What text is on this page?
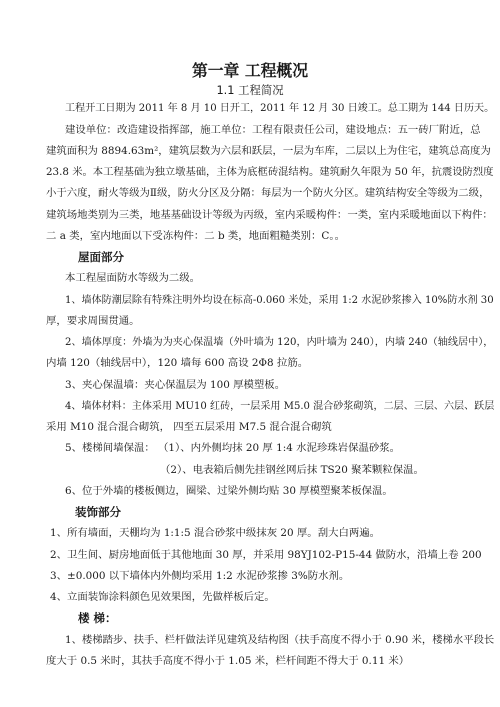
第一章 工程概况
1.1 工程简况
工程开工日期为 2011 年 8 月 10 日开工，2011 年 12 月 30 日竣工。总工期为 144 日历天。
建设单位：改造建设指挥部，施工单位：工程有限责任公司，建设地点：五一砖厂附近，总
建筑面积为 8894.63m²，建筑层数为六层和跃层，一层为车库，二层以上为住宅，建筑总高度为
23.8 米。本工程基础为独立墩基础，主体为底框砖混结构。建筑耐久年限为 50 年，抗震设防烈度
小于六度，耐火等级为Ⅱ级，防火分区及分隔：每层为一个防火分区。建筑结构安全等级为二级，
建筑场地类别为三类，地基基础设计等级为丙级，室内采暖构件：一类，室内采暖地面以下构件：
二 a 类，室内地面以下受冻构件：二 b 类，地面粗糙类别：C。。
屋面部分
本工程屋面防水等级为二级。
1、墙体防潮层除有特殊注明外均设在标高-0.060 米处，采用 1:2 水泥砂浆掺入 10%防水剂 30
厚，要求周围贯通。
2、墙体厚度：外墙为为夹心保温墙（外叶墙为 120，内叶墙为 240），内墙 240（轴线居中），
内墙 120（轴线居中），120 墙每 600 高设 2Φ8 拉筋。
3、夹心保温墙：夹心保温层为 100 厚模塑板。
4、墙体材料：主体采用 MU10 红砖，一层采用 M5.0 混合砂浆砌筑，二层、三层、六层、跃层
采用 M10 混合混合砌筑， 四至五层采用 M7.5 混合混合砌筑
5、楼梯间墙保温： （1）、内外侧均抹 20 厚 1:4 水泥珍珠岩保温砂浆。
（2）、电表箱后侧先挂钢丝网后抹 TS20 聚苯颗粒保温。
6、位于外墙的楼板侧边，圈梁、过梁外侧均贴 30 厚模塑聚苯板保温。
装饰部分
1、所有墙面，天棚均为 1:1:5 混合砂浆中级抹灰 20 厚。刮大白两遍。
2、卫生间、厨房地面低于其他地面 30 厚，并采用 98YJ102-P15-44 做防水，沿墙上卷 200
3、±0.000 以下墙体内外侧均采用 1:2 水泥砂浆掺 3%防水剂。
4、立面装饰涂料颜色见效果图，先做样板后定。
楼 梯：
1、楼梯踏步、扶手、栏杆做法详见建筑及结构图（扶手高度不得小于 0.90 米，楼梯水平段长
度大于 0.5 米时，其扶手高度不得小于 1.05 米，栏杆间距不得大于 0.11 米）
